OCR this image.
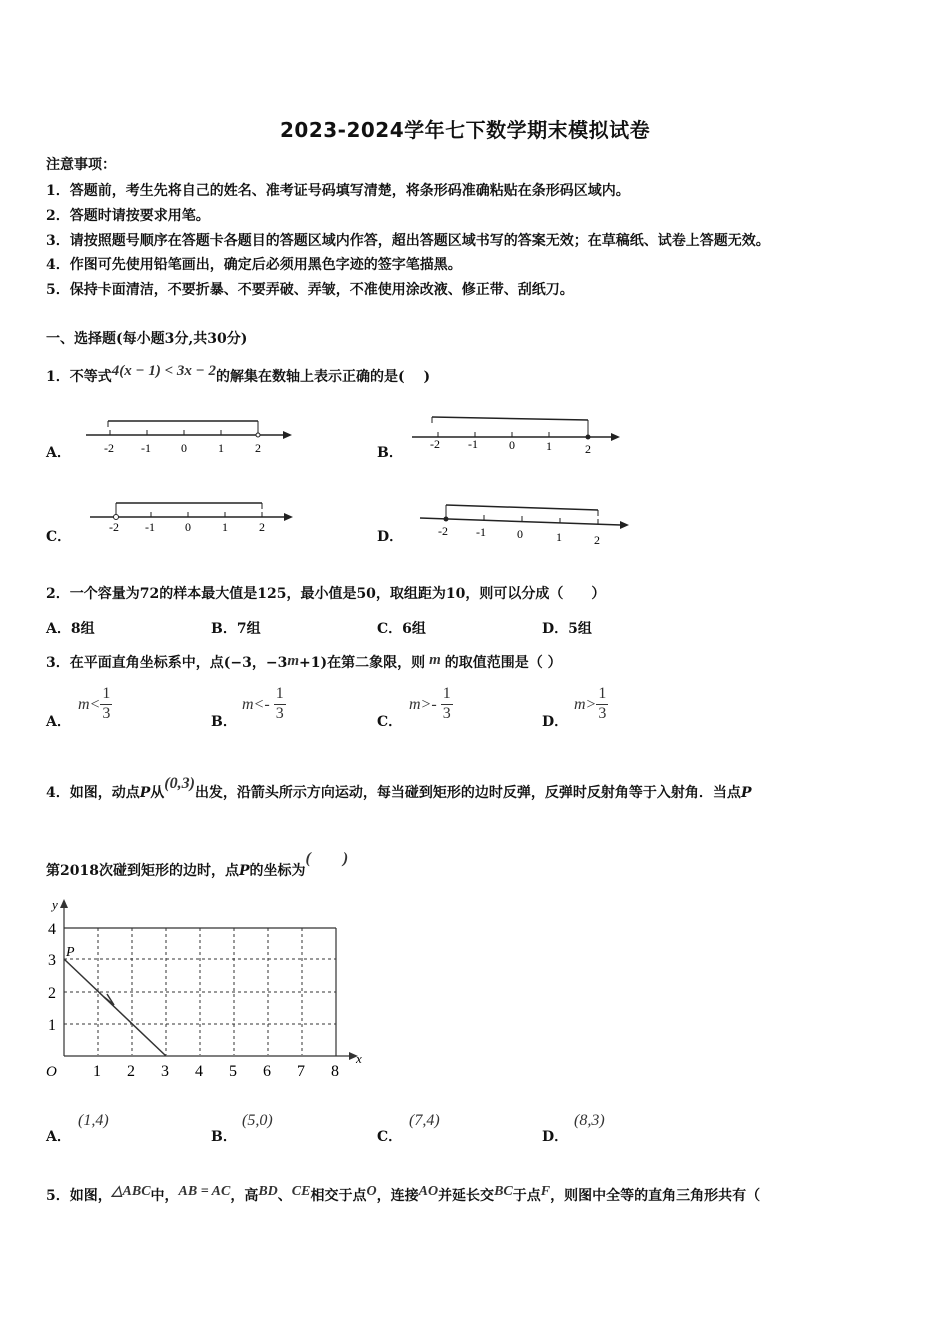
2023-2024学年七下数学期末模拟试卷
注意事项：
1．答题前，考生先将自己的姓名、准考证号码填写清楚，将条形码准确粘贴在条形码区域内。
2．答题时请按要求用笔。
3．请按照题号顺序在答题卡各题目的答题区域内作答，超出答题区域书写的答案无效；在草稿纸、试卷上答题无效。
4．作图可先使用铅笔画出，确定后必须用黑色字迹的签字笔描黑。
5．保持卡面清洁，不要折暴、不要弄破、弄皱，不准使用涂改液、修正带、刮纸刀。
一、选择题(每小题3分,共30分)
1．不等式4(x − 1) < 3x − 2的解集在数轴上表示正确的是(　 )
A．	B．
C．	D．
-2 -1	0	1	2	-2 -1	0	1	2
-2 -1	0	1	2	-2 -1	0	1	2
2．一个容量为72的样本最大值是125，最小值是50，取组距为10，则可以分成（　　）
A．8组	B．7组	C．6组	D．5组
3．在平面直角坐标系中，点(−3，−3m+1)在第二象限，则 m 的取值范围是（ ）
A．
$m< \frac{1}{3}$	B．
$m<- \frac{1}{3}$	C．
$m>- \frac{1}{3}$	D．
$m> \frac{1}{3}$
4．如图，动点P从(0,3)出发，沿箭头所示方向运动，每当碰到矩形的边时反弹，反弹时反射角等于入射角．当点P
第2018次碰到矩形的边时，点P的坐标为(　　)
y
x
O
P
4
3
2
1
1 2 3 4 5 6 7 8
A．
(1,4)
B．
(5,0)
C．
(7,4)
D．
(8,3)
5．如图，△ABC中，AB = AC，高BD、CE相交于点O，连接AO并延长交BC于点F，则图中全等的直角三角形共有（
